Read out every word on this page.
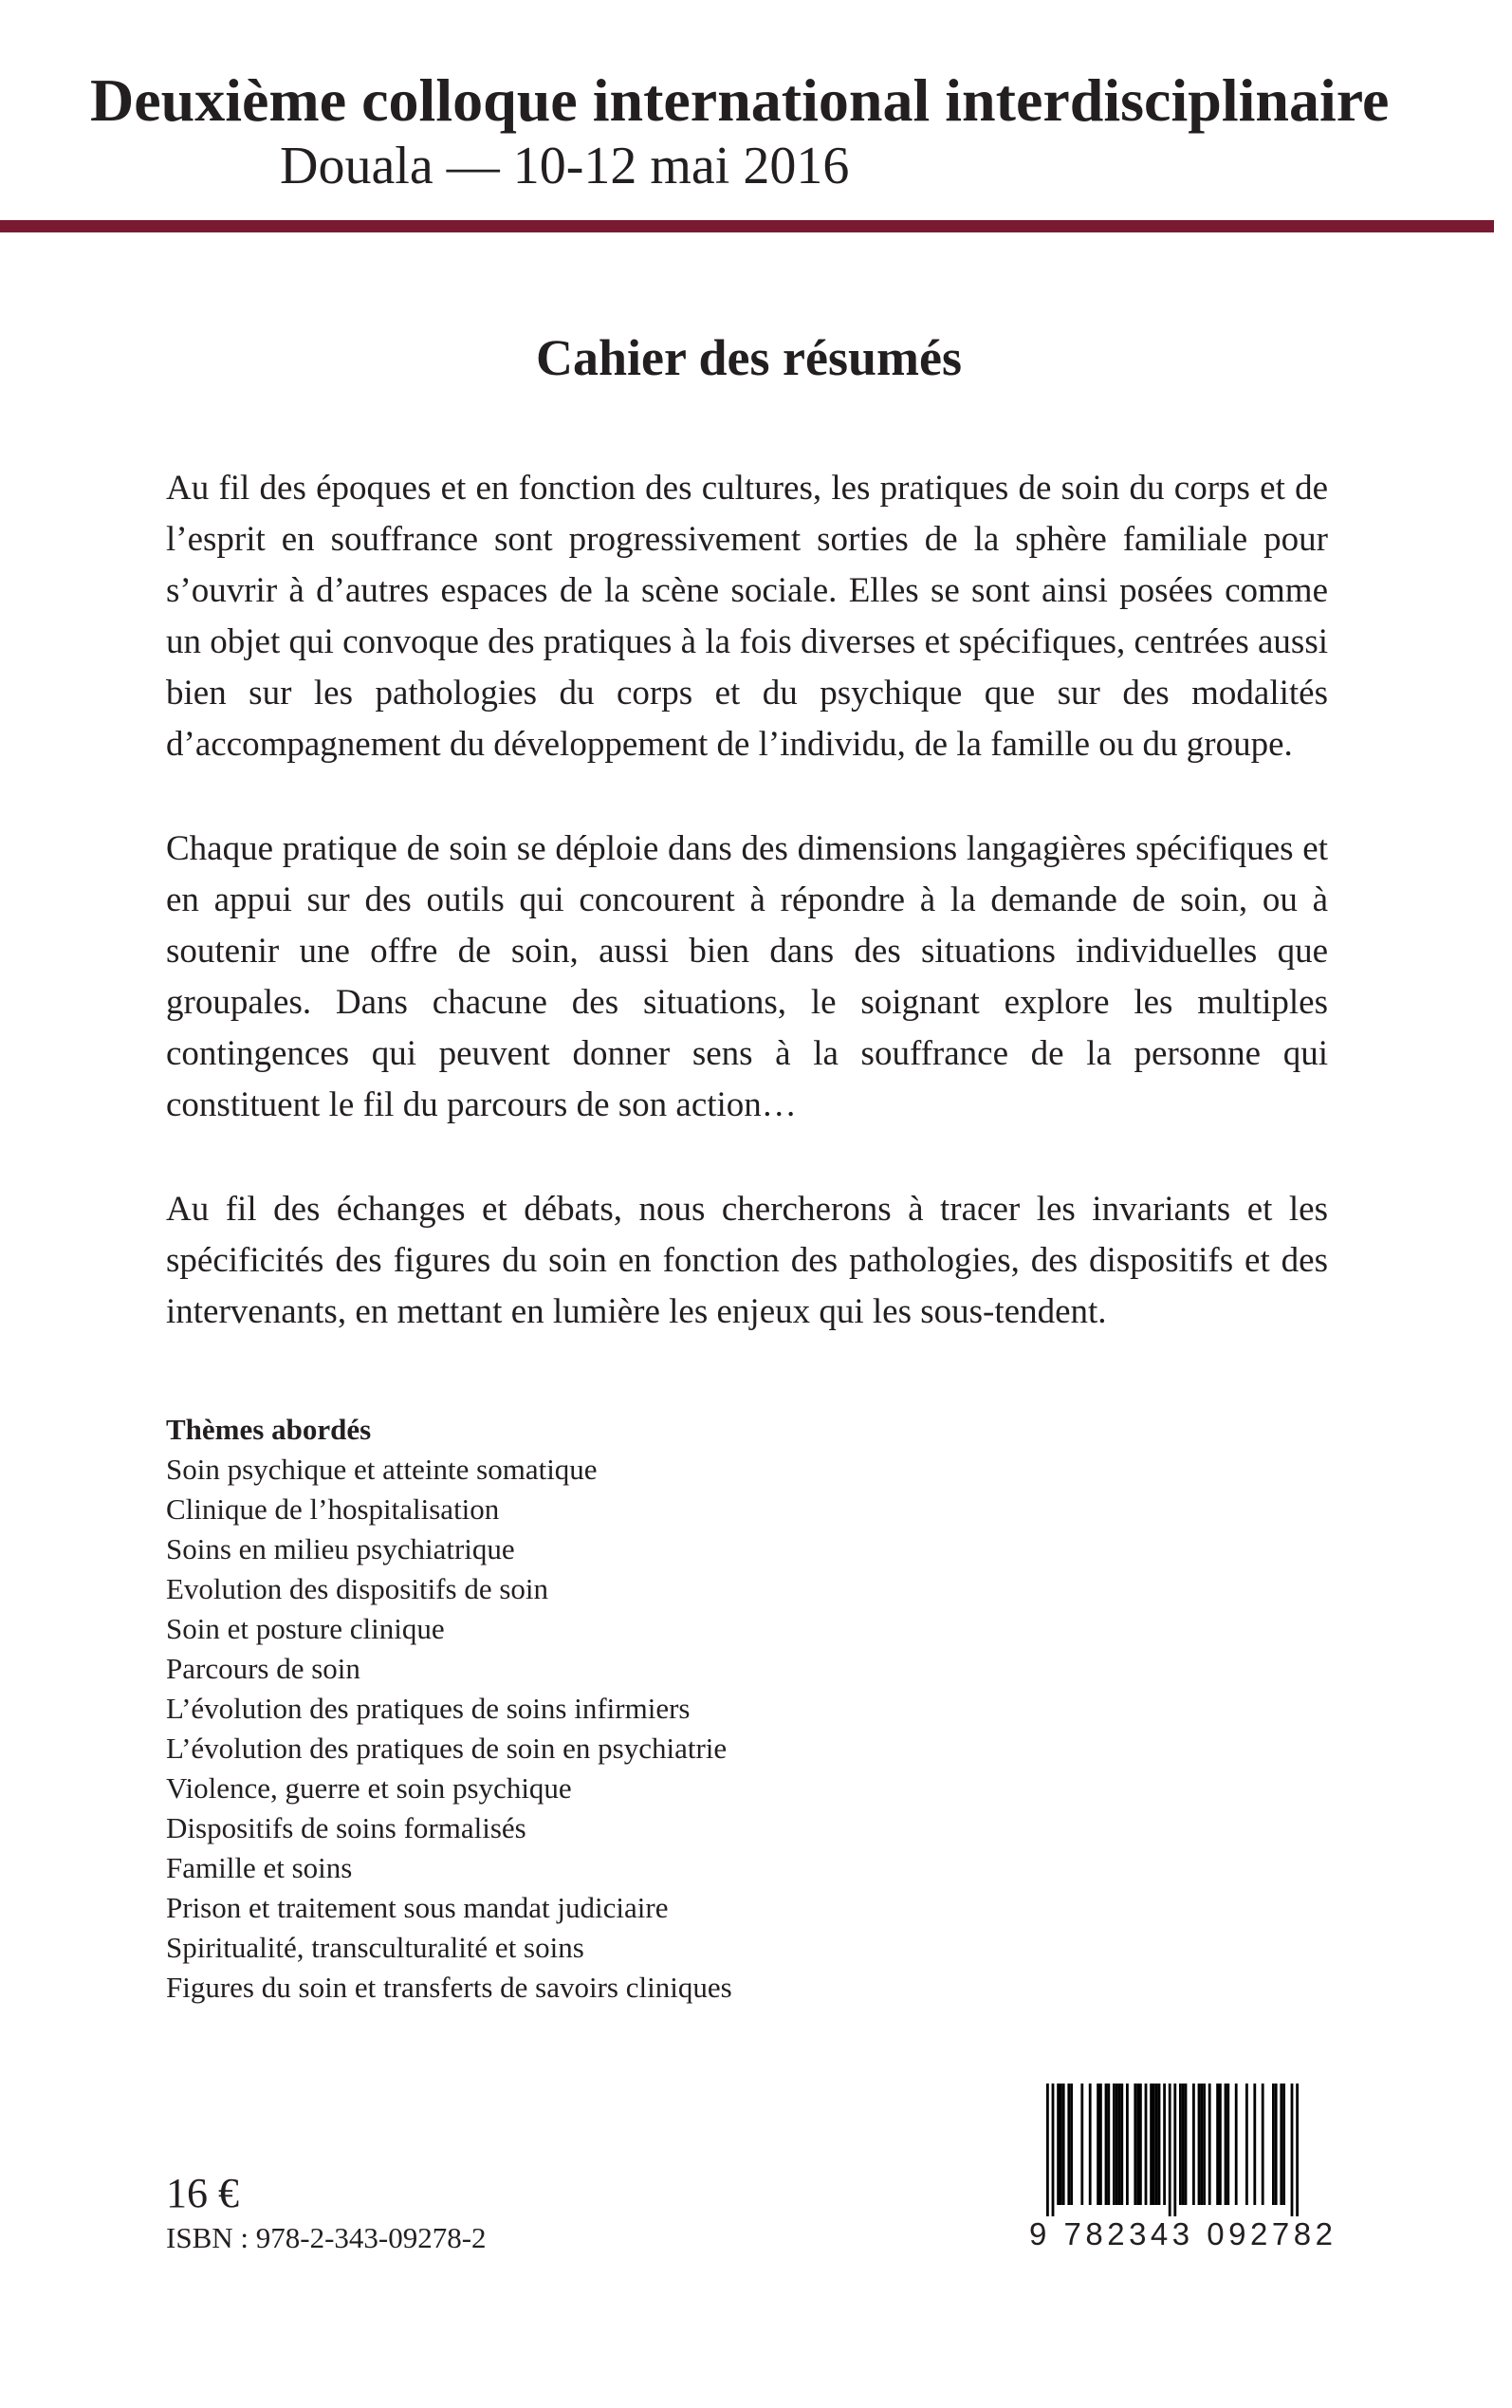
Deuxième colloque international interdisciplinaire

Douala — 10-12 mai 2016

Cahier des résumés

Au fil des époques et en fonction des cultures, les pratiques de soin du corps et de l’esprit en souffrance sont progressivement sorties de la sphère familiale pour s’ouvrir à d’autres espaces de la scène sociale. Elles se sont ainsi posées comme un objet qui convoque des pratiques à la fois diverses et spécifiques, centrées aussi bien sur les pathologies du corps et du psychique que sur des modalités d’accompagnement du développement de l’individu, de la famille ou du groupe.

Chaque pratique de soin se déploie dans des dimensions langagières spécifiques et en appui sur des outils qui concourent à répondre à la demande de soin, ou à soutenir une offre de soin, aussi bien dans des situations individuelles que groupales. Dans chacune des situations, le soignant explore les multiples contingences qui peuvent donner sens à la souffrance de la personne qui constituent le fil du parcours de son action…

Au fil des échanges et débats, nous chercherons à tracer les invariants et les spécificités des figures du soin en fonction des pathologies, des dispositifs et des intervenants, en mettant en lumière les enjeux qui les sous-tendent.

Thèmes abordés

Soin psychique et atteinte somatique
Clinique de l’hospitalisation
Soins en milieu psychiatrique
Evolution des dispositifs de soin
Soin et posture clinique
Parcours de soin
L’évolution des pratiques de soins infirmiers
L’évolution des pratiques de soin en psychiatrie
Violence, guerre et soin psychique
Dispositifs de soins formalisés
Famille et soins
Prison et traitement sous mandat judiciaire
Spiritualité, transculturalité et soins
Figures du soin et transferts de savoirs cliniques

16 €

ISBN : 978-2-343-09278-2	9 782343 092782
